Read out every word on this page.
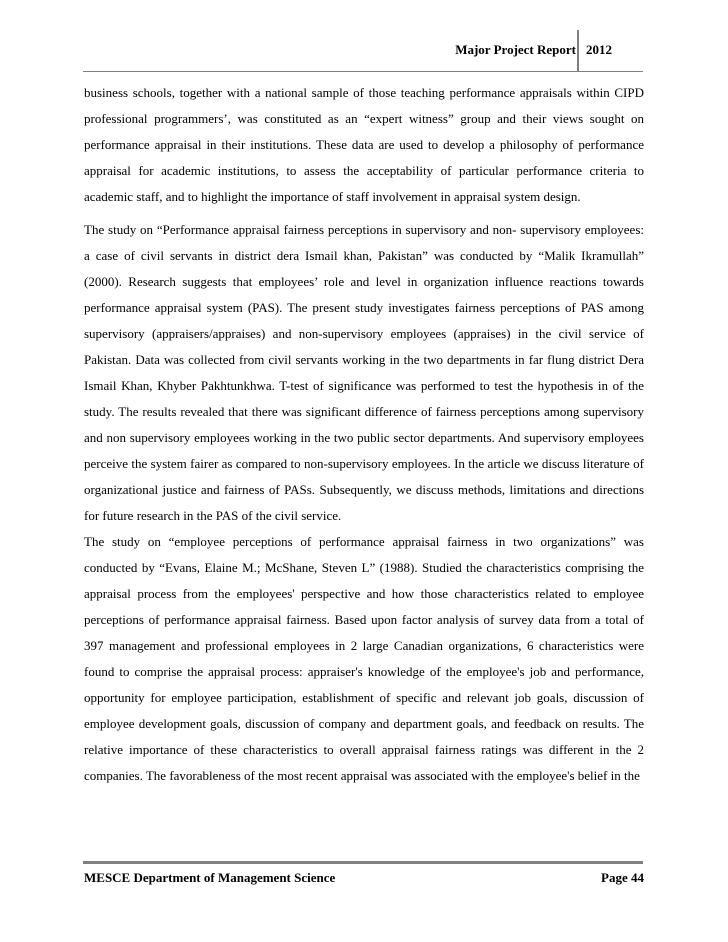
Major Project Report 2012

business schools, together with a national sample of those teaching performance appraisals within CIPD professional programmers’, was constituted as an “expert witness” group and their views sought on performance appraisal in their institutions. These data are used to develop a philosophy of performance appraisal for academic institutions, to assess the acceptability of particular performance criteria to academic staff, and to highlight the importance of staff involvement in appraisal system design.

The study on “Performance appraisal fairness perceptions in supervisory and non- supervisory employees: a case of civil servants in district dera Ismail khan, Pakistan” was conducted by “Malik Ikramullah” (2000). Research suggests that employees’ role and level in organization influence reactions towards performance appraisal system (PAS). The present study investigates fairness perceptions of PAS among supervisory (appraisers/appraises) and non-supervisory employees (appraises) in the civil service of Pakistan. Data was collected from civil servants working in the two departments in far flung district Dera Ismail Khan, Khyber Pakhtunkhwa. T-test of significance was performed to test the hypothesis in of the study. The results revealed that there was significant difference of fairness perceptions among supervisory and non supervisory employees working in the two public sector departments. And supervisory employees perceive the system fairer as compared to non-supervisory employees. In the article we discuss literature of organizational justice and fairness of PASs. Subsequently, we discuss methods, limitations and directions for future research in the PAS of the civil service.

The study on “employee perceptions of performance appraisal fairness in two organizations” was conducted by “Evans, Elaine M.; McShane, Steven L” (1988). Studied the characteristics comprising the appraisal process from the employees' perspective and how those characteristics related to employee perceptions of performance appraisal fairness. Based upon factor analysis of survey data from a total of 397 management and professional employees in 2 large Canadian organizations, 6 characteristics were found to comprise the appraisal process: appraiser's knowledge of the employee's job and performance, opportunity for employee participation, establishment of specific and relevant job goals, discussion of employee development goals, discussion of company and department goals, and feedback on results. The relative importance of these characteristics to overall appraisal fairness ratings was different in the 2 companies. The favorableness of the most recent appraisal was associated with the employee's belief in the

MESCE Department of Management Science	Page 44
